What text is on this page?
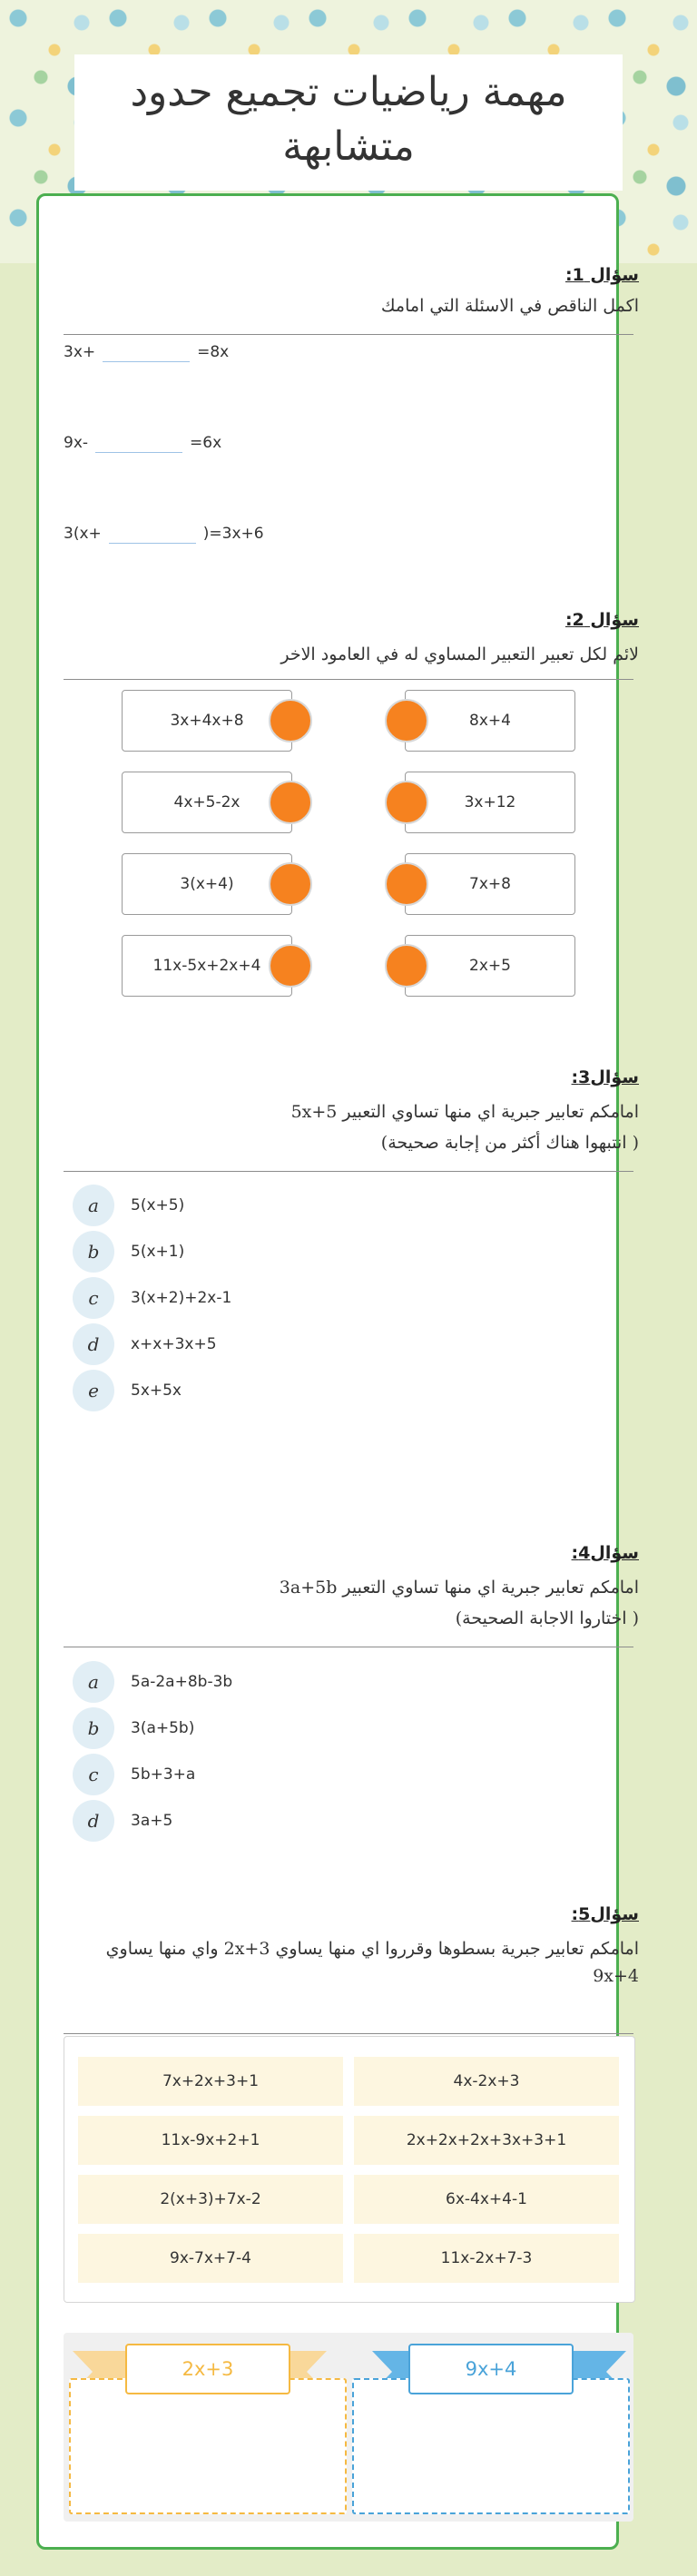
مهمة رياضيات تجميع حدود متشابهة
سؤال 1:
اكمل الناقص في الاسئلة التي امامك
3x+	=8x
9x-	=6x
3(x+	)=3x+6
سؤال 2:
لائم لكل تعبير التعبير المساوي له في العامود الاخر
3x+4x+8	8x+4
4x+5-2x	3x+12
3(x+4)	7x+8
11x-5x+2x+4	2x+5
سؤال3:
امامكم تعابير جبرية اي منها تساوي التعبير 5x+5
( انتبهوا هناك أكثر من إجابة صحيحة)
a	5(x+5)
b	5(x+1)
c	3(x+2)+2x-1
d	x+x+3x+5
e	5x+5x
سؤال4:
امامكم تعابير جبرية اي منها تساوي التعبير 3a+5b
( اختاروا الاجابة الصحيحة)
a	5a-2a+8b-3b
b	3(a+5b)
c	5b+3+a
d	3a+5
سؤال5:
امامكم تعابير جبرية بسطوها وقرروا اي منها يساوي 2x+3 واي منها يساوي 9x+4
7x+2x+3+1	4x-2x+3
11x-9x+2+1	2x+2x+2x+3x+3+1
2(x+3)+7x-2	6x-4x+4-1
9x-7x+7-4	11x-2x+7-3
2x+3	9x+4
